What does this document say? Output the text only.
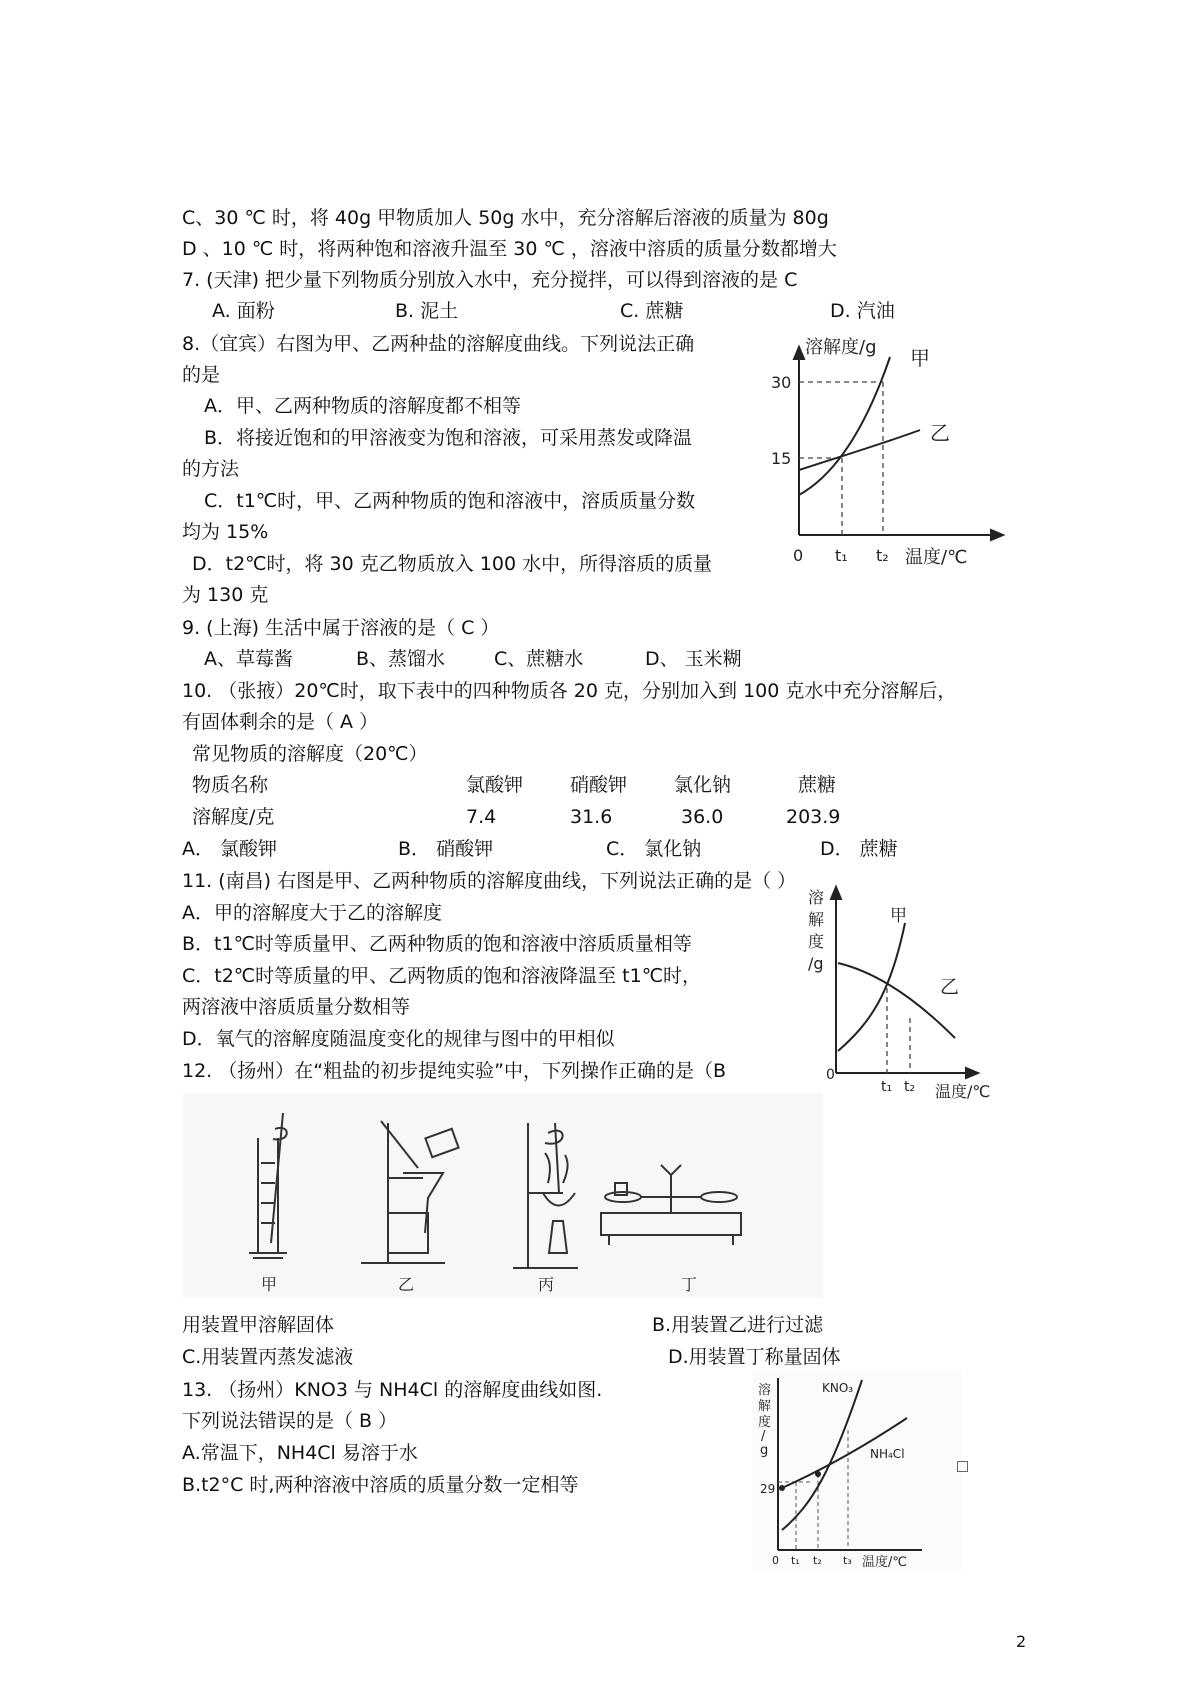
C、30 ℃ 时，将 40g 甲物质加人 50g 水中，充分溶解后溶液的质量为 80g
D 、10 ℃ 时，将两种饱和溶液升温至 30 ℃ ，溶液中溶质的质量分数都增大
7. (天津) 把少量下列物质分别放入水中，充分搅拌，可以得到溶液的是 C
A. 面粉	B. 泥土	C. 蔗糖	D. 汽油
8.（宜宾）右图为甲、乙两种盐的溶解度曲线。下列说法正确
的是
A．甲、乙两种物质的溶解度都不相等
B．将接近饱和的甲溶液变为饱和溶液，可采用蒸发或降温
的方法
C．t1℃时，甲、乙两种物质的饱和溶液中，溶质质量分数
均为 15%
D．t2℃时，将 30 克乙物质放入 100 水中，所得溶质的质量
为 130 克
9. (上海) 生活中属于溶液的是（ C ）
A、草莓酱	B、蒸馏水	C、蔗糖水	D、 玉米糊
10. （张掖）20℃时，取下表中的四种物质各 20 克，分别加入到 100 克水中充分溶解后，
有固体剩余的是（ A ）
常见物质的溶解度（20℃）
物质名称	氯酸钾 硝酸钾 氯化钠	蔗糖
溶解度/克	7.4	31.6	36.0	203.9
A． 氯酸钾	B． 硝酸钾	C． 氯化钠	D． 蔗糖
11. (南昌) 右图是甲、乙两种物质的溶解度曲线，下列说法正确的是（ ）
A．甲的溶解度大于乙的溶解度
B．t1℃时等质量甲、乙两种物质的饱和溶液中溶质质量相等
C．t2℃时等质量的甲、乙两物质的饱和溶液降温至 t1℃时，
两溶液中溶质质量分数相等
D．氧气的溶解度随温度变化的规律与图中的甲相似
12. （扬州）在“粗盐的初步提纯实验”中，下列操作正确的是（B
用装置甲溶解固体	B.用装置乙进行过滤
C.用装置丙蒸发滤液	D.用装置丁称量固体
13. （扬州）KNO3 与 NH4Cl 的溶解度曲线如图.
下列说法错误的是（ B ）
A.常温下，NH4Cl 易溶于水
B.t2°C 时,两种溶液中溶质的质量分数一定相等
2
溶解度/g 甲
乙
30
15
0 t₁ t₂ 温度/℃
溶
解
度
/g
甲
乙
0
t₁ t₂ 温度/℃
甲	乙	丙	丁
溶
解
度
/
g
29
KNO₃
NH₄Cl
0 t₁ t₂ t₃ 温度/℃
